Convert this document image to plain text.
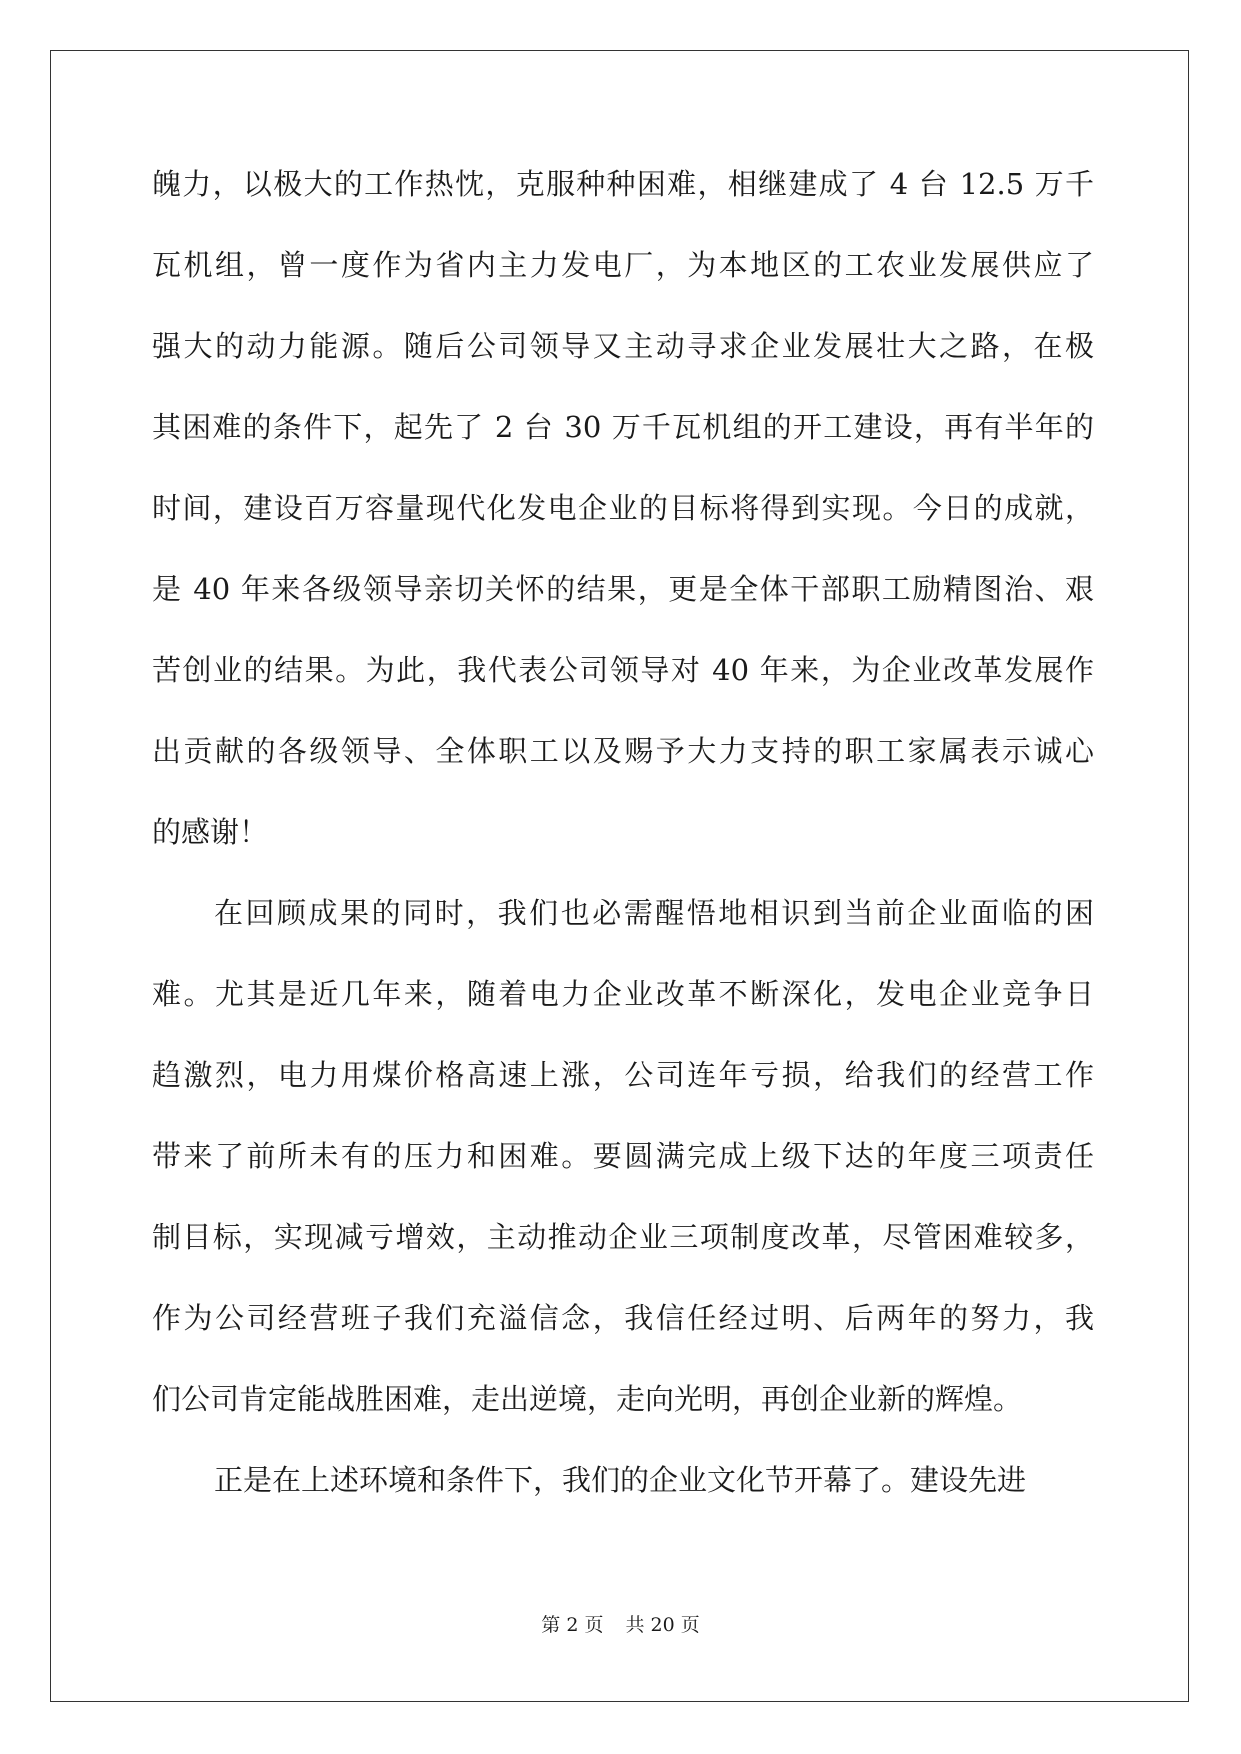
魄力，以极大的工作热忱，克服种种困难，相继建成了 4 台 12.5 万千
瓦机组，曾一度作为省内主力发电厂，为本地区的工农业发展供应了
强大的动力能源。随后公司领导又主动寻求企业发展壮大之路，在极
其困难的条件下，起先了 2 台 30 万千瓦机组的开工建设，再有半年的
时间，建设百万容量现代化发电企业的目标将得到实现。今日的成就，
是 40 年来各级领导亲切关怀的结果，更是全体干部职工励精图治、艰
苦创业的结果。为此，我代表公司领导对 40 年来，为企业改革发展作
出贡献的各级领导、全体职工以及赐予大力支持的职工家属表示诚心
的感谢！
在回顾成果的同时，我们也必需醒悟地相识到当前企业面临的困
难。尤其是近几年来，随着电力企业改革不断深化，发电企业竞争日
趋激烈，电力用煤价格高速上涨，公司连年亏损，给我们的经营工作
带来了前所未有的压力和困难。要圆满完成上级下达的年度三项责任
制目标，实现减亏增效，主动推动企业三项制度改革，尽管困难较多，
作为公司经营班子我们充溢信念，我信任经过明、后两年的努力，我
们公司肯定能战胜困难，走出逆境，走向光明，再创企业新的辉煌。
正是在上述环境和条件下，我们的企业文化节开幕了。建设先进
第 2 页 共 20 页
